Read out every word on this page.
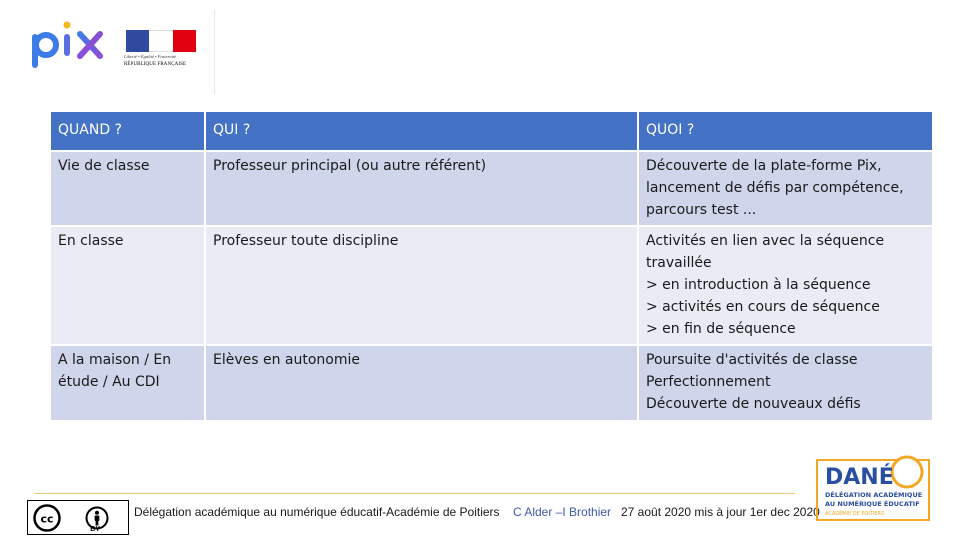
Liberté • Égalité • Fraternité
RÉPUBLIQUE FRANÇAISE
QUAND ?	QUI ?	QUOI ?
Vie de classe	Professeur principal (ou autre référent)	Découverte de la plate-forme Pix,
lancement de défis par compétence,
parcours test ...
En classe	Professeur toute discipline	Activités en lien avec la séquence
travaillée
> en introduction à la séquence
> activités en cours de séquence
> en fin de séquence
A la maison / En
étude / Au CDI	Elèves en autonomie	Poursuite d'activités de classe
Perfectionnement
Découverte de nouveaux défis
cc
BY
Délégation académique au numérique éducatif-Académie de Poitiers C Alder –I Brothier 27 août 2020 mis à jour 1er dec 2020
DANÉ
DÉLÉGATION ACADÉMIQUE
AU NUMÉRIQUE ÉDUCATIF
ACADÉMIE DE POITIERS
